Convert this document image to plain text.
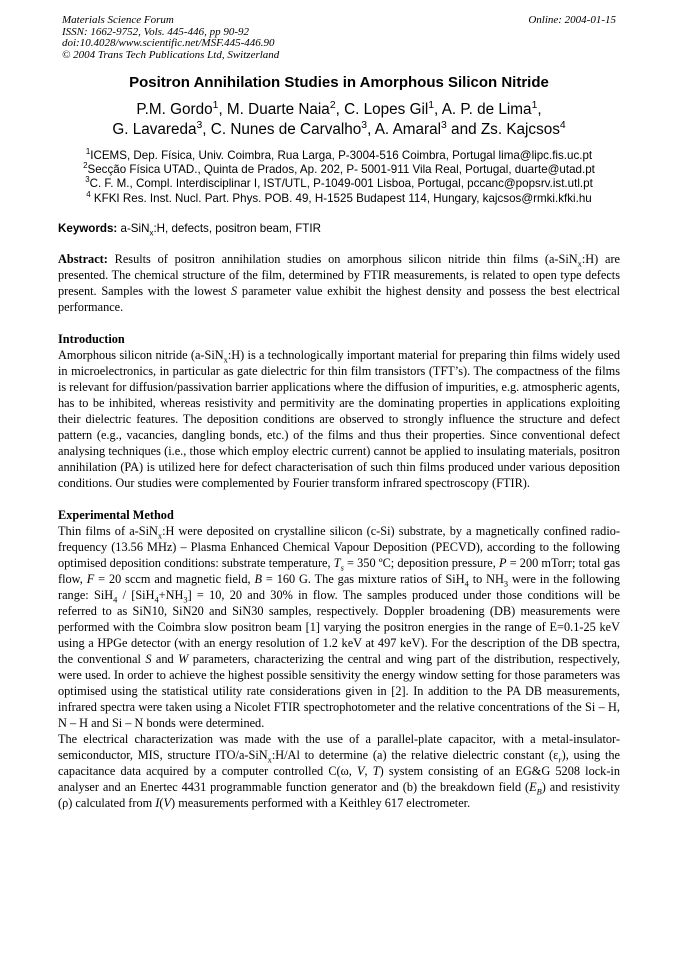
Materials Science Forum
ISSN: 1662-9752, Vols. 445-446, pp 90-92
doi:10.4028/www.scientific.net/MSF.445-446.90
© 2004 Trans Tech Publications Ltd, Switzerland
Online: 2004-01-15
Positron Annihilation Studies in Amorphous Silicon Nitride
P.M. Gordo$^1$, M. Duarte Naia$^2$, C. Lopes Gil$^1$, A. P. de Lima$^1$,
G. Lavareda$^3$, C. Nunes de Carvalho$^3$, A. Amaral$^3$ and Zs. Kajcsos$^4$
$^1$ICEMS, Dep. Física, Univ. Coimbra, Rua Larga, P-3004-516 Coimbra, Portugal lima@lipc.fis.uc.pt
$^2$Secção Física UTAD., Quinta de Prados, Ap. 202, P- 5001-911 Vila Real, Portugal, duarte@utad.pt
$^3$C. F. M., Compl. Interdisciplinar I, IST/UTL, P-1049-001 Lisboa, Portugal, pccanc@popsrv.ist.utl.pt
$^4$ KFKI Res. Inst. Nucl. Part. Phys. POB. 49, H-1525 Budapest 114, Hungary, kajcsos@rmki.kfki.hu
Keywords: a-SiN$_x$:H, defects, positron beam, FTIR

Abstract: Results of positron annihilation studies on amorphous silicon nitride thin films (a-SiN$_x$:H) are presented. The chemical structure of the film, determined by FTIR measurements, is related to open type defects present. Samples with the lowest S parameter value exhibit the highest density and possess the best electrical performance.

Introduction

Amorphous silicon nitride (a-SiN$_x$:H) is a technologically important material for preparing thin films widely used in microelectronics, in particular as gate dielectric for thin film transistors (TFT’s). The compactness of the films is relevant for diffusion/passivation barrier applications where the diffusion of impurities, e.g. atmospheric agents, has to be inhibited, whereas resistivity and permitivity are the dominating properties in applications exploiting their dielectric features. The deposition conditions are observed to strongly influence the structure and defect pattern (e.g., vacancies, dangling bonds, etc.) of the films and thus their properties. Since conventional defect analysing techniques (i.e., those which employ electric current) cannot be applied to insulating materials, positron annihilation (PA) is utilized here for defect characterisation of such thin films produced under various deposition conditions. Our studies were complemented by Fourier transform infrared spectroscopy (FTIR).

Experimental Method

Thin films of a-SiN$_x$:H were deposited on crystalline silicon (c-Si) substrate, by a magnetically confined radio-frequency (13.56 MHz) – Plasma Enhanced Chemical Vapour Deposition (PECVD), according to the following optimised deposition conditions: substrate temperature, $T_s = 350$ ºC; deposition pressure, P = 200 mTorr; total gas flow, F = 20 sccm and magnetic field, B = 160 G. The gas mixture ratios of SiH$_4$ to $NH_3$ were in the following range: $SiH_4 / [SiH_4+NH_3] = 10$, 20 and 30% in flow. The samples produced under those conditions will be referred to as SiN10, SiN20 and SiN30 samples, respectively. Doppler broadening (DB) measurements were performed with the Coimbra slow positron beam [1] varying the positron energies in the range of E=0.1-25 keV using a HPGe detector (with an energy resolution of 1.2 keV at 497 keV). For the description of the DB spectra, the conventional S and W parameters, characterizing the central and wing part of the distribution, respectively, were used. In order to achieve the highest possible sensitivity the energy window setting for those parameters was optimised using the statistical utility rate considerations given in [2]. In addition to the PA DB measurements, infrared spectra were taken using a Nicolet FTIR spectrophotometer and the relative concentrations of the Si – H, N – H and Si – N bonds were determined.

The electrical characterization was made with the use of a parallel-plate capacitor, with a metal-insulator-semiconductor, MIS, structure ITO/a-SiN$_x$:H/Al to determine (a) the relative dielectric constant $(\varepsilon_r)$, using the capacitance data acquired by a computer controlled C(ω, V, T) system consisting of an EG&G 5208 lock-in analyser and an Enertec 4431 programmable function generator and (b) the breakdown field $(E_B)$ and resistivity (ρ) calculated from I(V) measurements performed with a Keithley 617 electrometer.
